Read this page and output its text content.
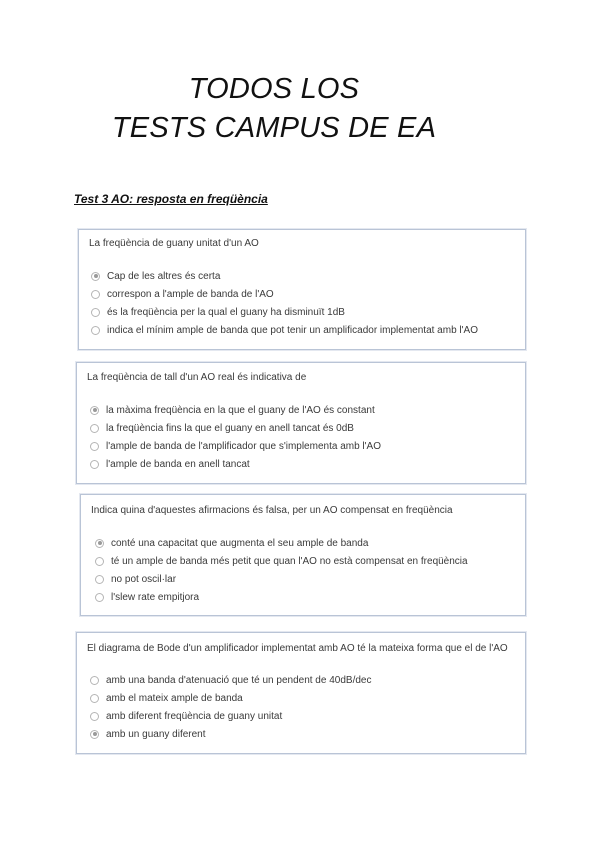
TODOS LOS
TESTS CAMPUS DE EA
Test 3 AO: resposta en freqüència
La freqüència de guany unitat d'un AO
Cap de les altres és certa
correspon a l'ample de banda de l'AO
és la freqüència per la qual el guany ha disminuït 1dB
indica el mínim ample de banda que pot tenir un amplificador implementat amb l'AO
La freqüència de tall d'un AO real és indicativa de
la màxima freqüència en la que el guany de l'AO és constant
la freqüència fins la que el guany en anell tancat és 0dB
l'ample de banda de l'amplificador que s'implementa amb l'AO
l'ample de banda en anell tancat
Indica quina d'aquestes afirmacions és falsa, per un AO compensat en freqüència
conté una capacitat que augmenta el seu ample de banda
té un ample de banda més petit que quan l'AO no està compensat en freqüència
no pot oscil·lar
l'slew rate empitjora
El diagrama de Bode d'un amplificador implementat amb AO té la mateixa forma que el de l'AO
amb una banda d'atenuació que té un pendent de 40dB/dec
amb el mateix ample de banda
amb diferent freqüència de guany unitat
amb un guany diferent
